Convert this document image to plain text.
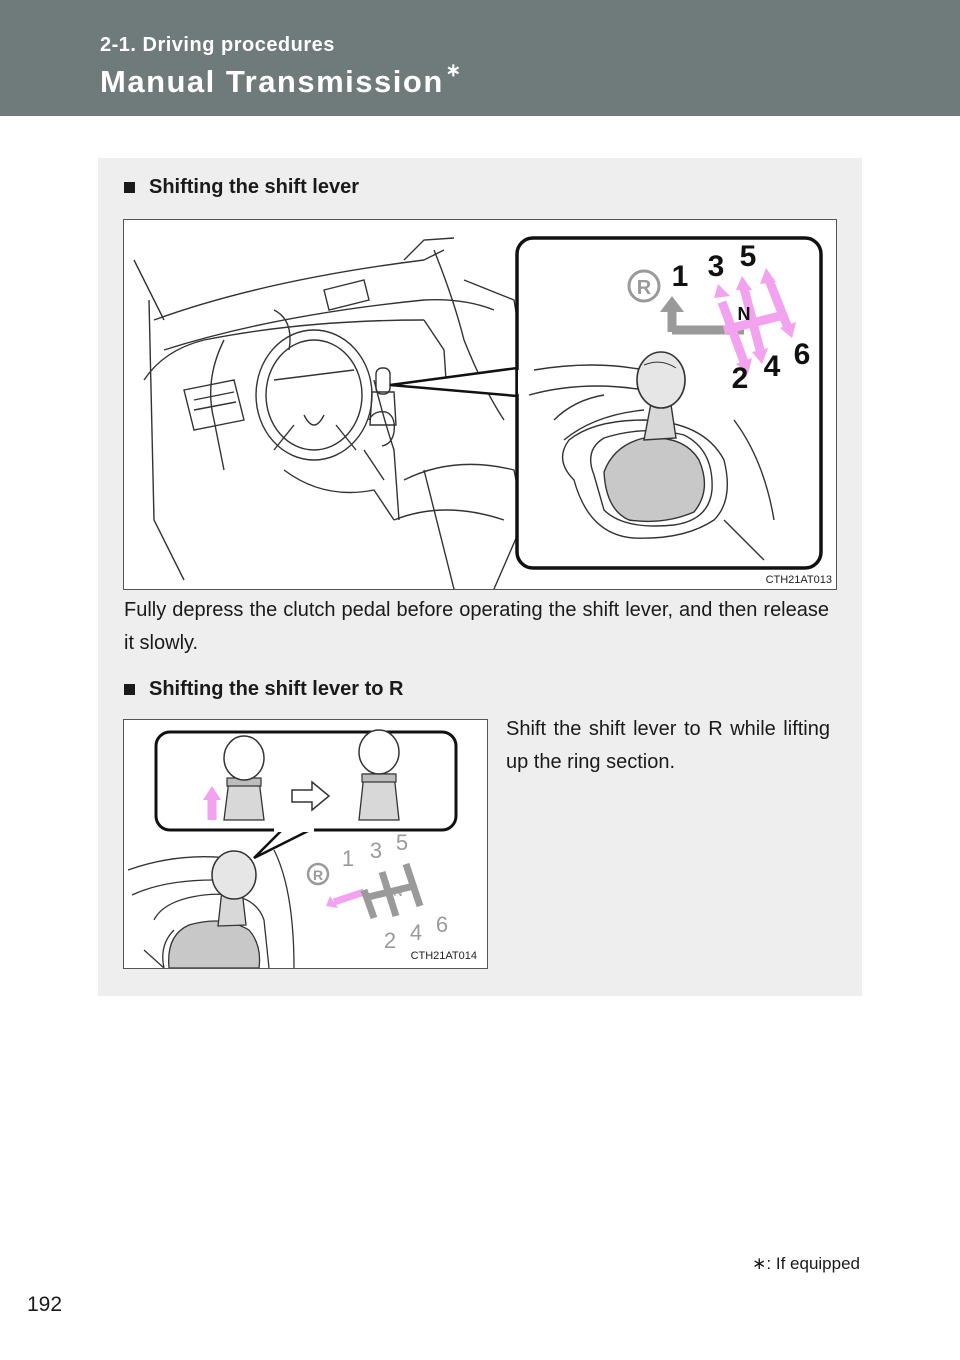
2-1. Driving procedures
Manual Transmission ∗
Shifting the shift lever
R 1 3 5
N
2 4 6
CTH21AT013
Fully depress the clutch pedal before operating the shift lever, and then release it slowly.
Shifting the shift lever to R
R
1 3 5
N
2 4 6
CTH21AT014
Shift the shift lever to R while lifting up the ring section.
∗: If equipped
192
